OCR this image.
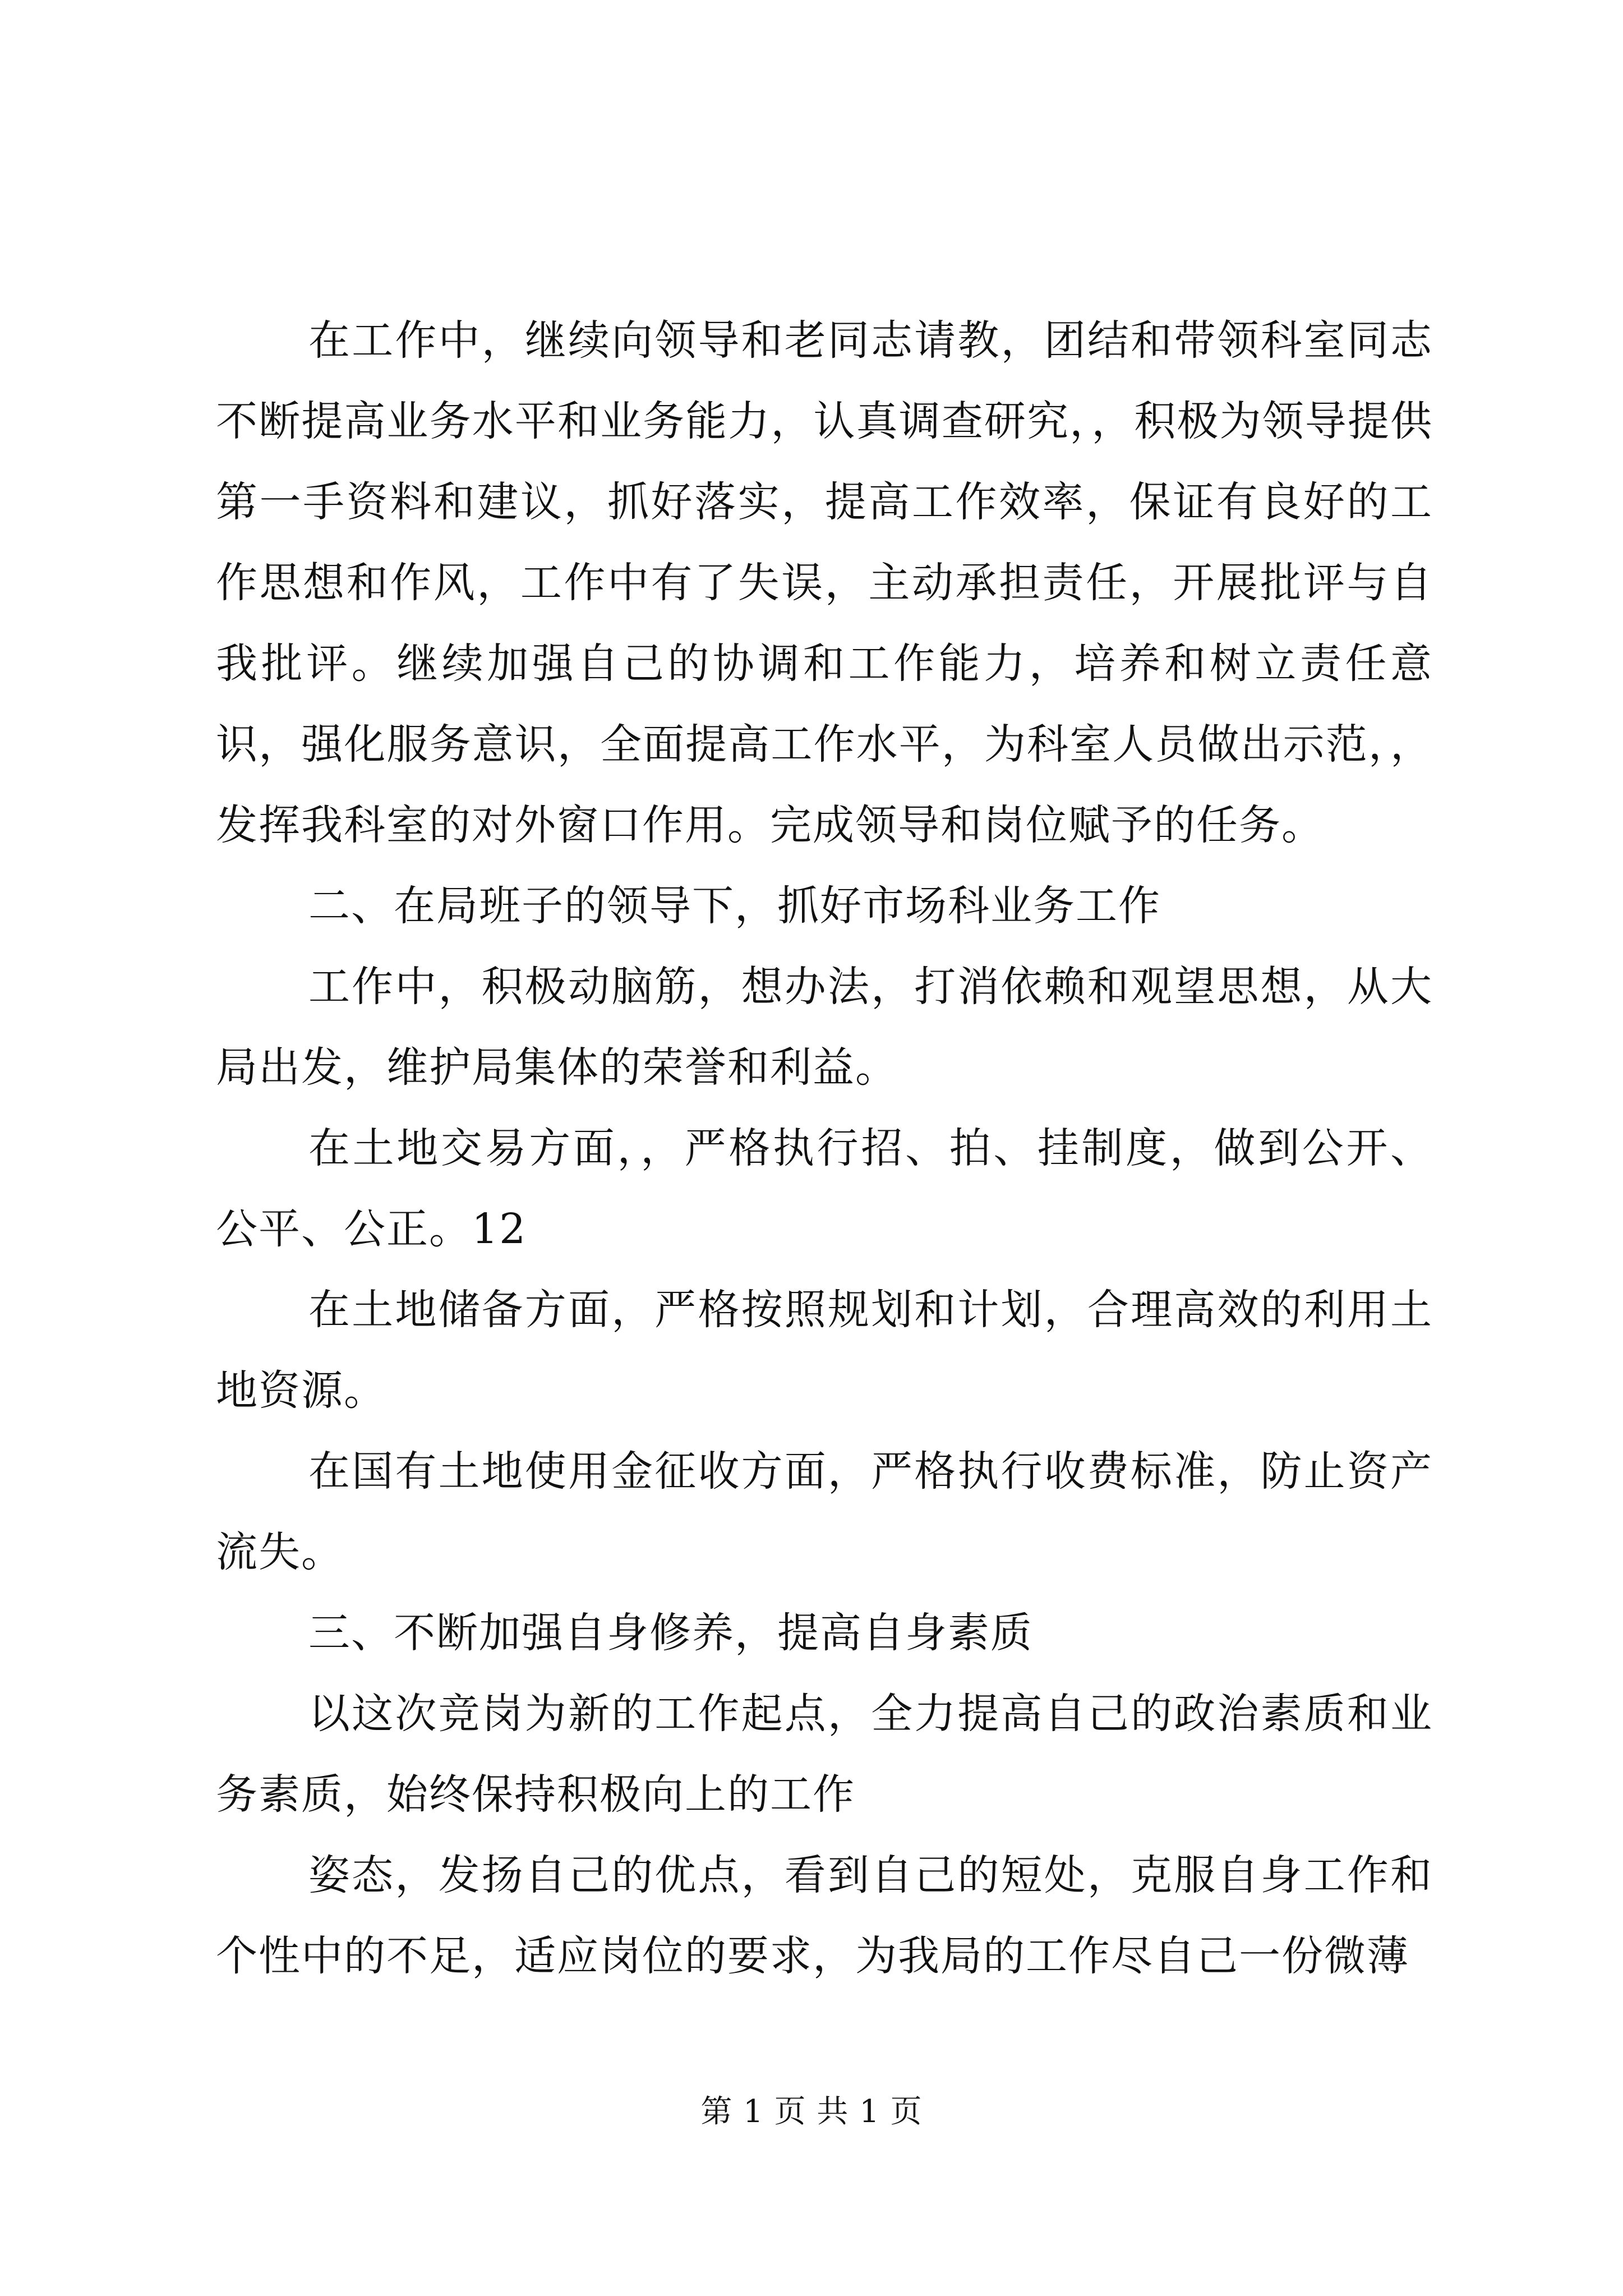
在工作中，继续向领导和老同志请教，团结和带领科室同志不断提高业务水平和业务能力，认真调查研究，，积极为领导提供第一手资料和建议，抓好落实，提高工作效率，保证有良好的工作思想和作风，工作中有了失误，主动承担责任，开展批评与自我批评。继续加强自己的协调和工作能力，培养和树立责任意识，强化服务意识，全面提高工作水平，为科室人员做出示范，，发挥我科室的对外窗口作用。完成领导和岗位赋予的任务。

二、在局班子的领导下，抓好市场科业务工作

工作中，积极动脑筋，想办法，打消依赖和观望思想，从大局出发，维护局集体的荣誉和利益。

在土地交易方面，，严格执行招、拍、挂制度，做到公开、公平、公正。12

在土地储备方面，严格按照规划和计划，合理高效的利用土地资源。

在国有土地使用金征收方面，严格执行收费标准，防止资产流失。

三、不断加强自身修养，提高自身素质

以这次竞岗为新的工作起点，全力提高自己的政治素质和业务素质，始终保持积极向上的工作

姿态，发扬自己的优点，看到自己的短处，克服自身工作和个性中的不足，适应岗位的要求，为我局的工作尽自己一份微薄

第 1 页 共 1 页
